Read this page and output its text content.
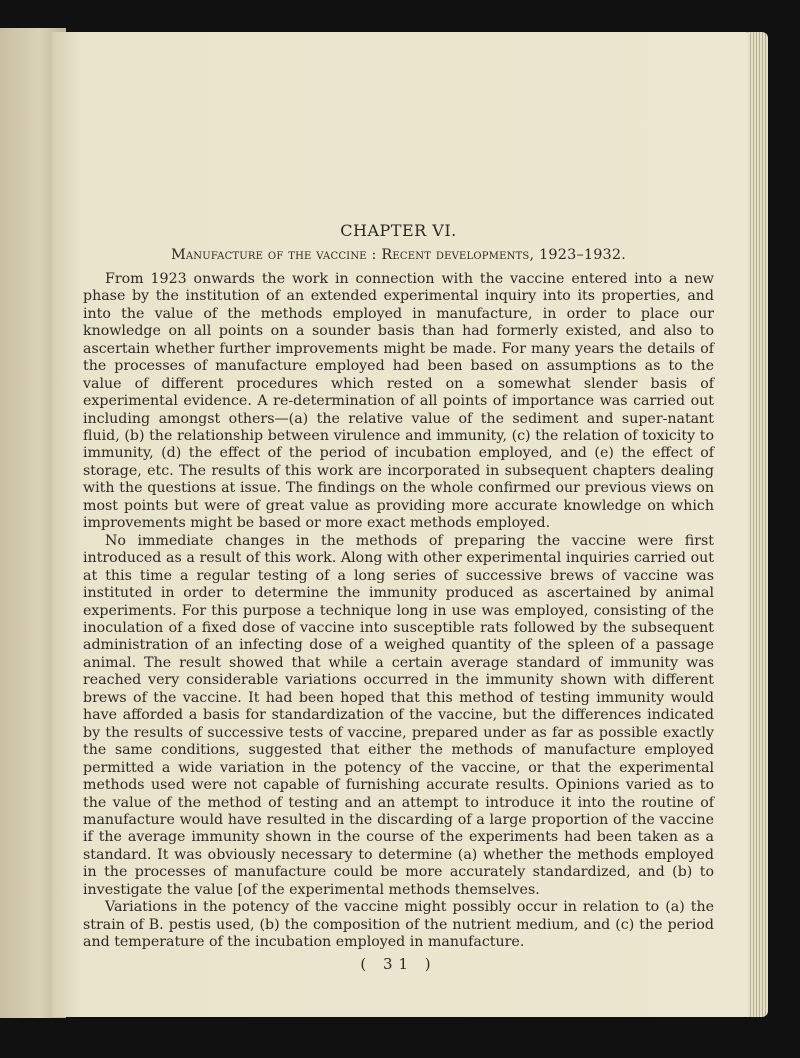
CHAPTER VI.
Manufacture of the vaccine : Recent developments, 1923–1932.

From 1923 onwards the work in connection with the vaccine entered into a new phase by the institution of an extended experimental inquiry into its properties, and into the value of the methods employed in manufacture, in order to place our knowledge on all points on a sounder basis than had formerly existed, and also to ascertain whether further improvements might be made. For many years the details of the processes of manufacture employed had been based on assumptions as to the value of different procedures which rested on a somewhat slender basis of experimental evidence. A re-determination of all points of importance was carried out including amongst others—(a) the relative value of the sediment and super-natant fluid, (b) the relationship between virulence and immunity, (c) the relation of toxicity to immunity, (d) the effect of the period of incubation employed, and (e) the effect of storage, etc. The results of this work are incorporated in subsequent chapters dealing with the questions at issue. The findings on the whole confirmed our previous views on most points but were of great value as providing more accurate knowledge on which improvements might be based or more exact methods employed.

No immediate changes in the methods of preparing the vaccine were first introduced as a result of this work. Along with other experimental inquiries carried out at this time a regular testing of a long series of successive brews of vaccine was instituted in order to determine the immunity produced as ascertained by animal experiments. For this purpose a technique long in use was employed, consisting of the inoculation of a fixed dose of vaccine into susceptible rats followed by the subsequent administration of an infecting dose of a weighed quantity of the spleen of a passage animal. The result showed that while a certain average standard of immunity was reached very considerable variations occurred in the immunity shown with different brews of the vaccine. It had been hoped that this method of testing immunity would have afforded a basis for standardization of the vaccine, but the differences indicated by the results of successive tests of vaccine, prepared under as far as possible exactly the same conditions, suggested that either the methods of manufacture employed permitted a wide variation in the potency of the vaccine, or that the experimental methods used were not capable of furnishing accurate results. Opinions varied as to the value of the method of testing and an attempt to introduce it into the routine of manufacture would have resulted in the discarding of a large proportion of the vaccine if the average immunity shown in the course of the experiments had been taken as a standard. It was obviously necessary to determine (a) whether the methods employed in the processes of manufacture could be more accurately standardized, and (b) to investigate the value [of the experimental methods themselves.

Variations in the potency of the vaccine might possibly occur in relation to (a) the strain of B. pestis used, (b) the composition of the nutrient medium, and (c) the period and temperature of the incubation employed in manufacture.

( 31 )
